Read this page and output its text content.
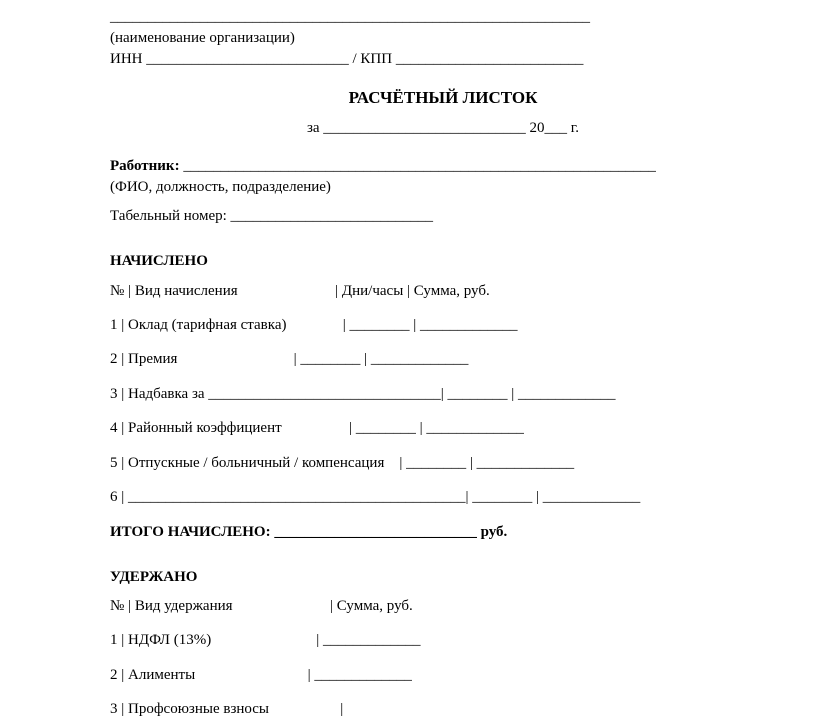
________________________________________________________________
(наименование организации)
ИНН ___________________________ / КПП _________________________
РАСЧЁТНЫЙ ЛИСТОК
за ___________________________ 20___ г.
Работник: _______________________________________________________________
(ФИО, должность, подразделение)
Табельный номер: ___________________________
НАЧИСЛЕНО
№ | Вид начисления                          | Дни/часы | Сумма, руб.
1 | Оклад (тарифная ставка)               | ________ | _____________
2 | Премия                               | ________ | _____________
3 | Надбавка за _______________________________| ________ | _____________
4 | Районный коэффициент                  | ________ | _____________
5 | Отпускные / больничный / компенсация    | ________ | _____________
6 | _____________________________________________| ________ | _____________
ИТОГО НАЧИСЛЕНО: ___________________________ руб.
УДЕРЖАНО
№ | Вид удержания                          | Сумма, руб.
1 | НДФЛ (13%)                            | _____________
2 | Алименты                              | _____________
3 | Профсоюзные взносы                   |
